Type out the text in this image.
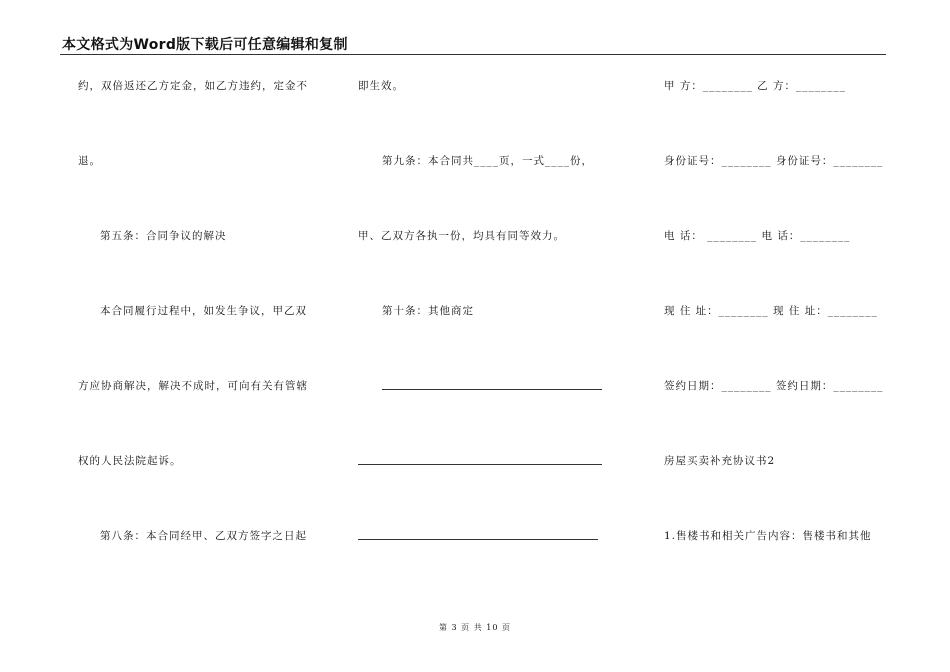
本文格式为Word版下载后可任意编辑和复制
约，双倍返还乙方定金，如乙方违约，定金不
退。
第五条：合同争议的解决
本合同履行过程中，如发生争议，甲乙双
方应协商解决，解决不成时，可向有关有管辖
权的人民法院起诉。
第八条：本合同经甲、乙双方签字之日起
即生效。
第九条：本合同共____页，一式____份，
甲、乙双方各执一份，均具有同等效力。
第十条：其他商定
甲 方：________ 乙 方：________
身份证号：________ 身份证号：________
电 话： ________ 电 话：________
现 住 址：________ 现 住 址：________
签约日期：________ 签约日期：________
房屋买卖补充协议书2
1.售楼书和相关广告内容：售楼书和其他
第 3 页 共 10 页
